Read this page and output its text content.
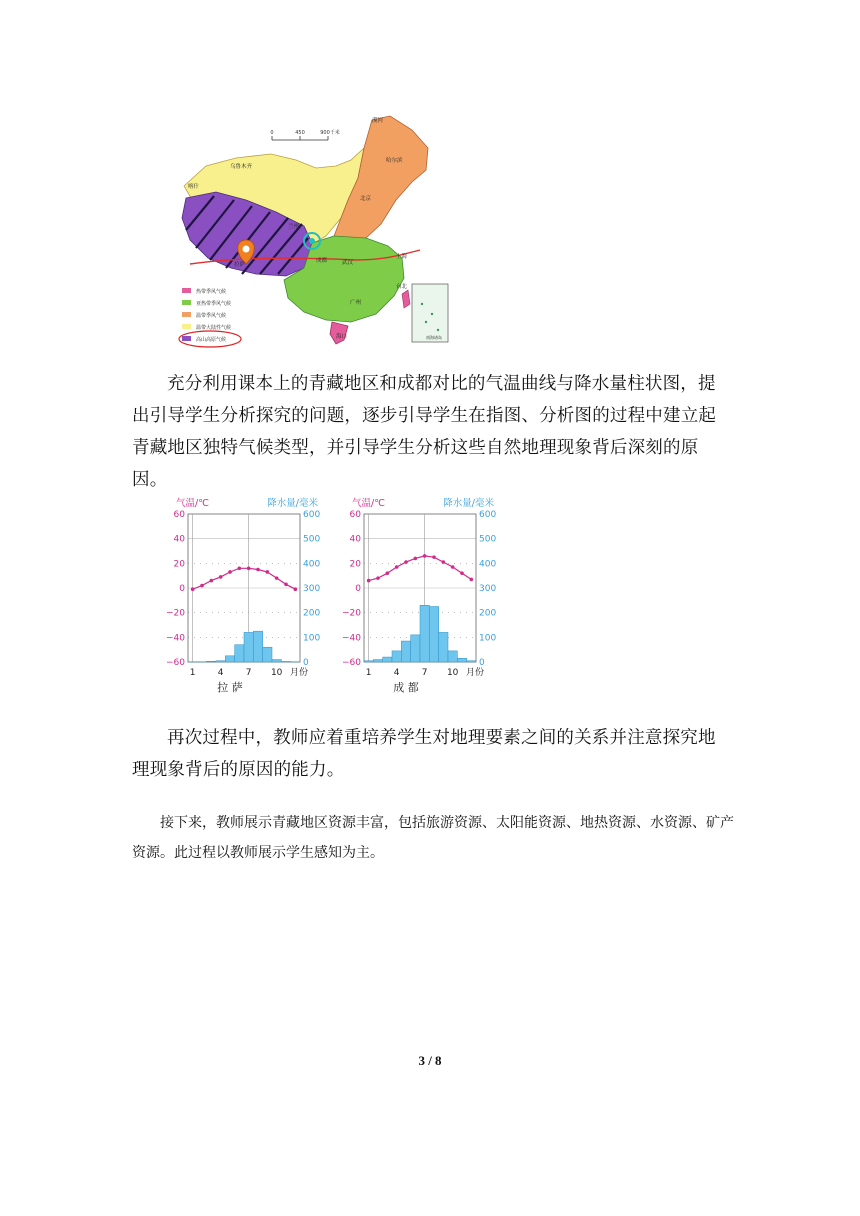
0	450	900千米
漠河
哈尔滨
乌鲁木齐
喀什
北京
兰州
拉萨
成都	武汉
上海
台北
广州
海口	南海诸岛
热带季风气候
亚热带季风气候
温带季风气候
温带大陆性气候
高山高原气候
充分利用课本上的青藏地区和成都对比的气温曲线与降水量柱状图，提出引导学生分析探究的问题，逐步引导学生在指图、分析图的过程中建立起青藏地区独特气候类型，并引导学生分析这些自然地理现象背后深刻的原因。
气温/℃	降水量/毫米
60
40
20
0
−20
−40
−60
600
500
400
300
200
100
0
1 4 7 10 月份
拉 萨
气温/℃	降水量/毫米
60
40
20
0
−20
−40
−60
600
500
400
300
200
100
0
1 4 7 10 月份
成 都
再次过程中，教师应着重培养学生对地理要素之间的关系并注意探究地理现象背后的原因的能力。
接下来，教师展示青藏地区资源丰富，包括旅游资源、太阳能资源、地热资源、水资源、矿产资源。此过程以教师展示学生感知为主。
3 / 8
